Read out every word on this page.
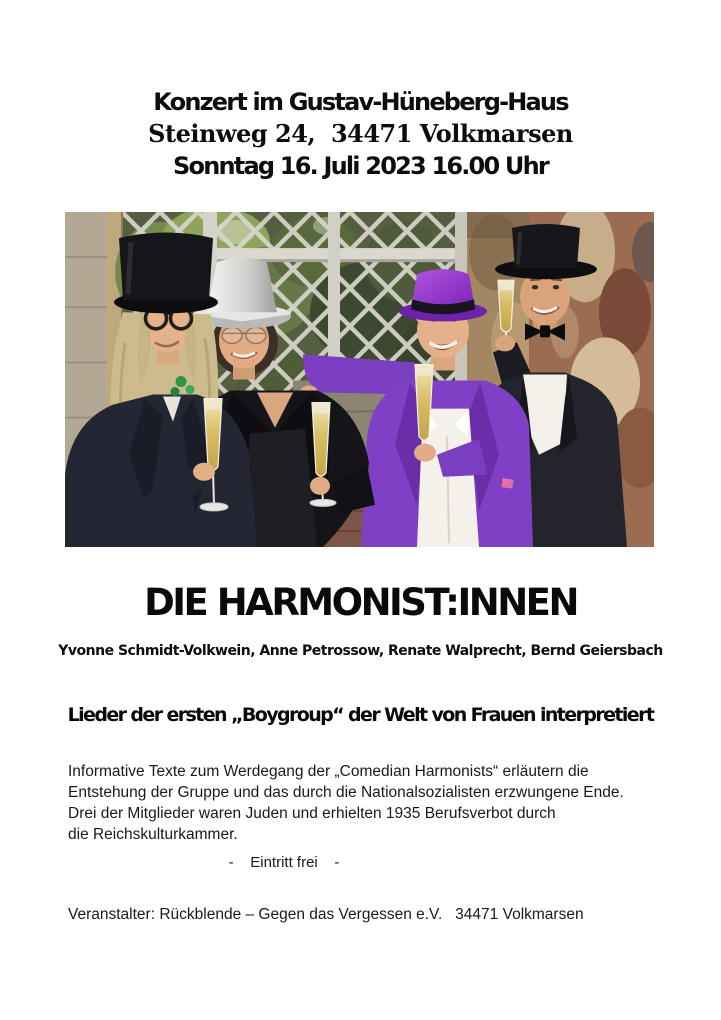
Konzert im Gustav-Hüneberg-Haus
Steinweg 24,  34471 Volkmarsen
Sonntag 16. Juli 2023 16.00 Uhr
DIE HARMONIST:INNEN
Yvonne Schmidt-Volkwein, Anne Petrossow, Renate Walprecht, Bernd Geiersbach
Lieder der ersten „Boygroup“ der Welt von Frauen interpretiert
Informative Texte zum Werdegang der „Comedian Harmonists“ erläutern die
Entstehung der Gruppe und das durch die Nationalsozialisten erzwungene Ende.
Drei der Mitglieder waren Juden und erhielten 1935 Berufsverbot durch
die Reichskulturkammer.
-    Eintritt frei    -
Veranstalter: Rückblende – Gegen das Vergessen e.V.   34471 Volkmarsen
